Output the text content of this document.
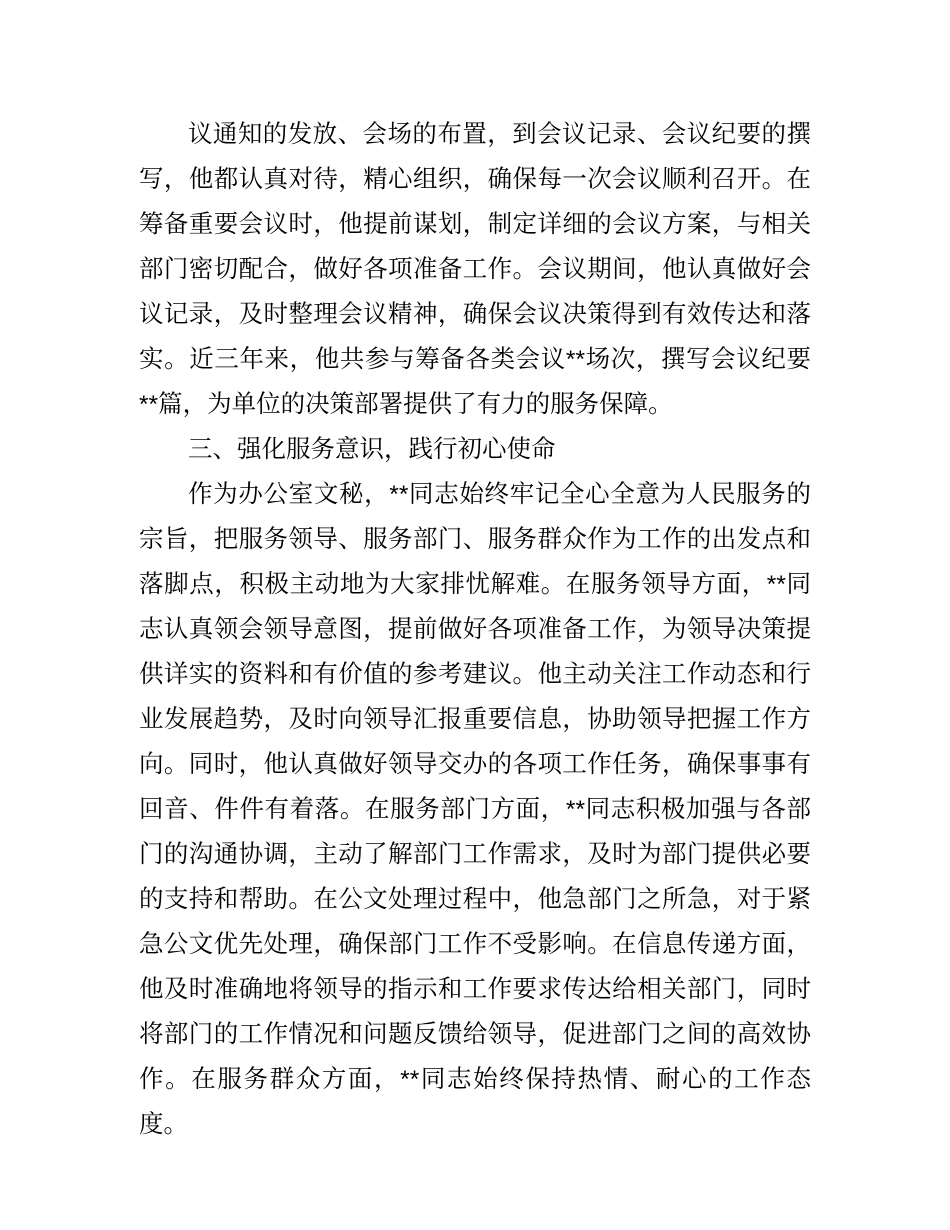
议通知的发放、会场的布置，到会议记录、会议纪要的撰写，他都认真对待，精心组织，确保每一次会议顺利召开。在筹备重要会议时，他提前谋划，制定详细的会议方案，与相关部门密切配合，做好各项准备工作。会议期间，他认真做好会议记录，及时整理会议精神，确保会议决策得到有效传达和落实。近三年来，他共参与筹备各类会议**场次，撰写会议纪要**篇，为单位的决策部署提供了有力的服务保障。

三、强化服务意识，践行初心使命

作为办公室文秘，**同志始终牢记全心全意为人民服务的宗旨，把服务领导、服务部门、服务群众作为工作的出发点和落脚点，积极主动地为大家排忧解难。在服务领导方面，**同志认真领会领导意图，提前做好各项准备工作，为领导决策提供详实的资料和有价值的参考建议。他主动关注工作动态和行业发展趋势，及时向领导汇报重要信息，协助领导把握工作方向。同时，他认真做好领导交办的各项工作任务，确保事事有回音、件件有着落。在服务部门方面，**同志积极加强与各部门的沟通协调，主动了解部门工作需求，及时为部门提供必要的支持和帮助。在公文处理过程中，他急部门之所急，对于紧急公文优先处理，确保部门工作不受影响。在信息传递方面，他及时准确地将领导的指示和工作要求传达给相关部门，同时将部门的工作情况和问题反馈给领导，促进部门之间的高效协作。在服务群众方面，**同志始终保持热情、耐心的工作态度。
